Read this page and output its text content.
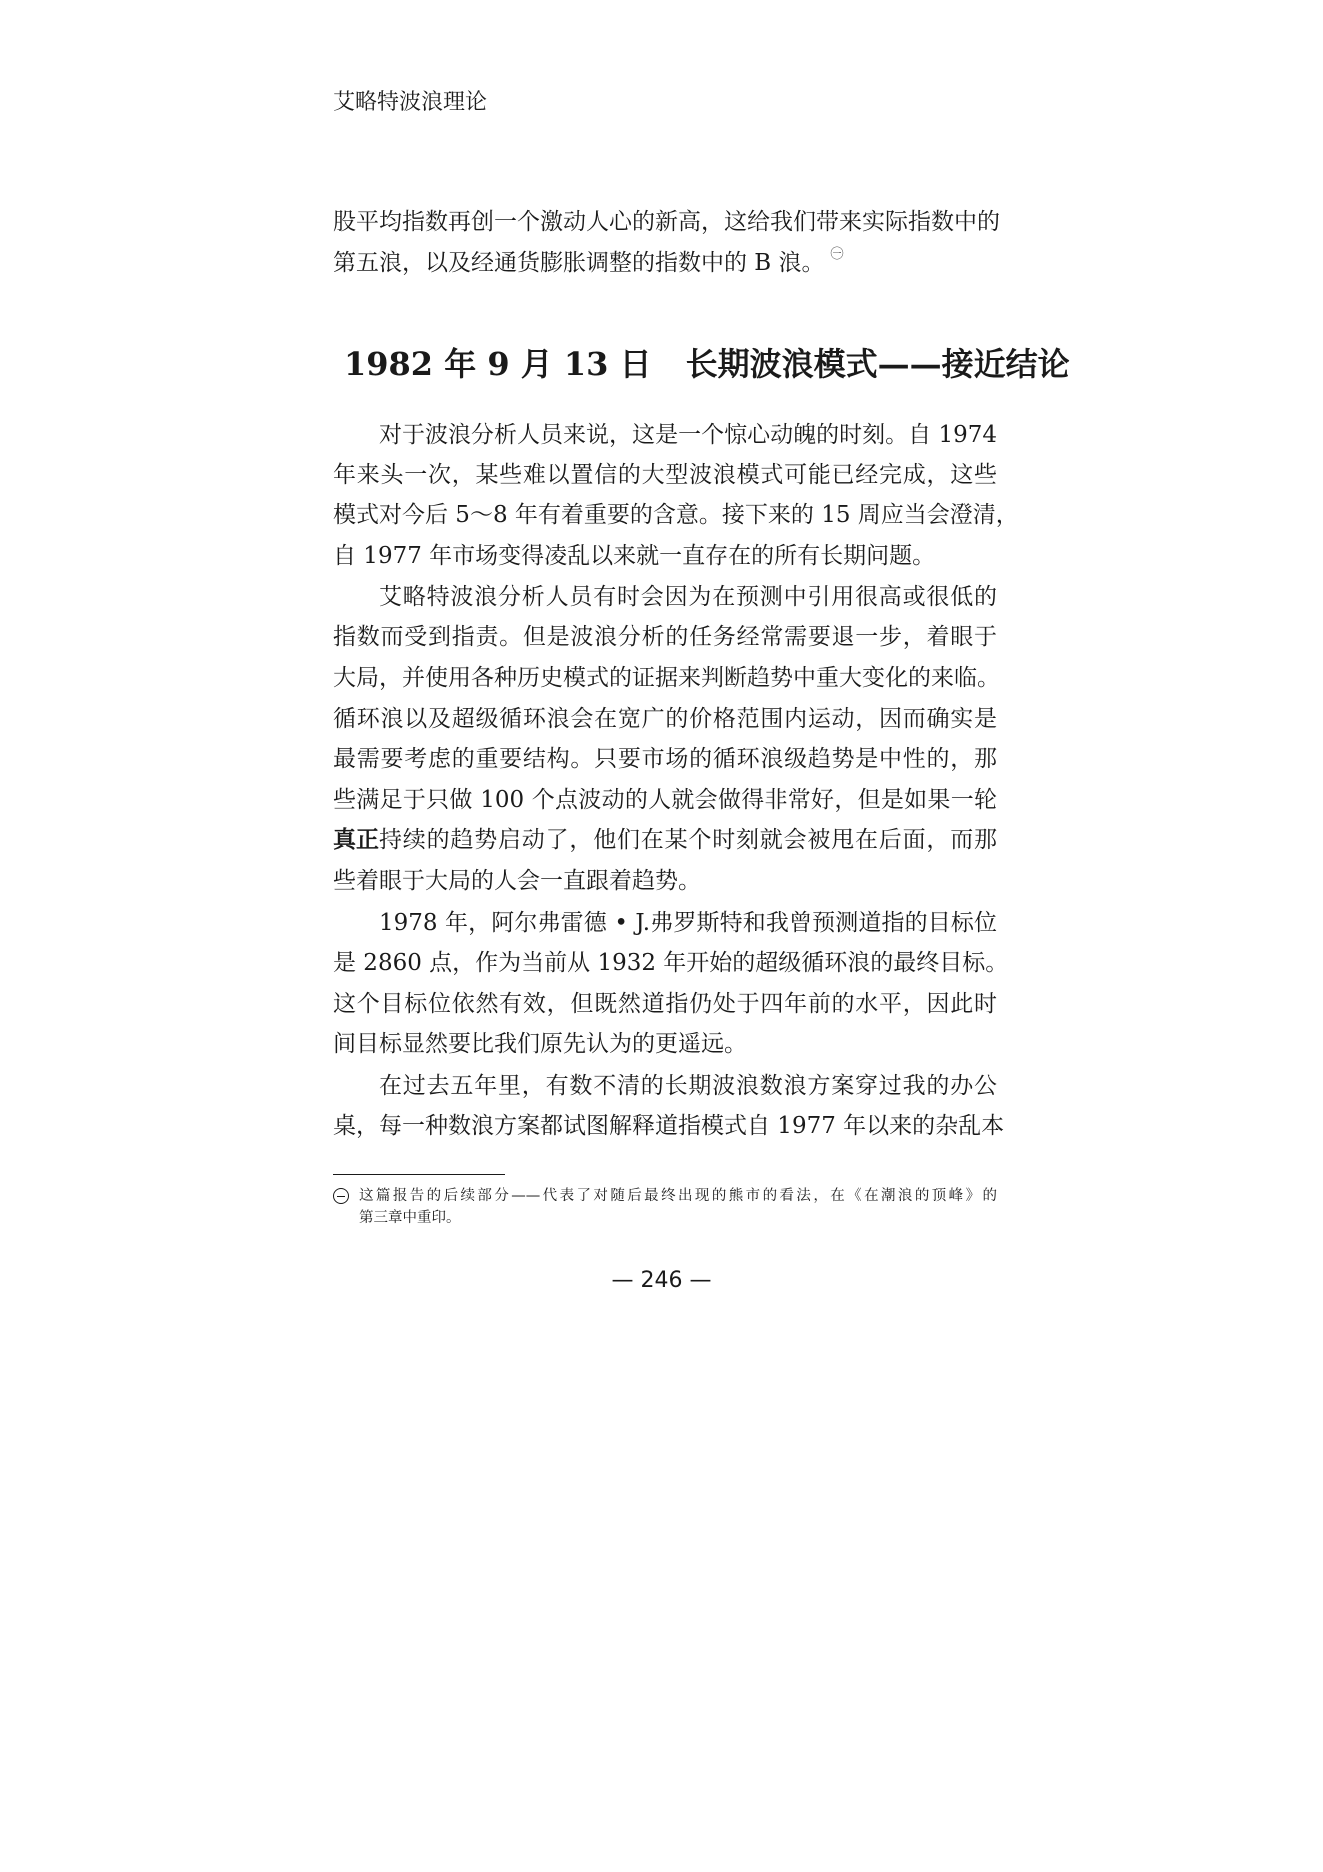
艾略特波浪理论
股平均指数再创一个激动人心的新高，这给我们带来实际指数中的
第五浪，以及经通货膨胀调整的指数中的 B 浪。 ㊀
1982 年 9 月 13 日 长期波浪模式——接近结论
对于波浪分析人员来说，这是一个惊心动魄的时刻。自 1974
年来头一次，某些难以置信的大型波浪模式可能已经完成，这些
模式对今后 5～8 年有着重要的含意。接下来的 15 周应当会澄清，
自 1977 年市场变得凌乱以来就一直存在的所有长期问题。
艾略特波浪分析人员有时会因为在预测中引用很高或很低的
指数而受到指责。但是波浪分析的任务经常需要退一步，着眼于
大局，并使用各种历史模式的证据来判断趋势中重大变化的来临。
循环浪以及超级循环浪会在宽广的价格范围内运动，因而确实是
最需要考虑的重要结构。只要市场的循环浪级趋势是中性的，那
些满足于只做 100 个点波动的人就会做得非常好，但是如果一轮
真正 持续的趋势启动了，他们在某个时刻就会被甩在后面，而那
些着眼于大局的人会一直跟着趋势。
1978 年，阿尔弗雷德 • J.弗罗斯特和我曾预测道指的目标位
是 2860 点，作为当前从 1932 年开始的超级循环浪的最终目标。
这个目标位依然有效，但既然道指仍处于四年前的水平，因此时
间目标显然要比我们原先认为的更遥远。
在过去五年里，有数不清的长期波浪数浪方案穿过我的办公
桌，每一种数浪方案都试图解释道指模式自 1977 年以来的杂乱本
这篇报告的后续部分——代表了对随后最终出现的熊市的看法，在《在潮浪的顶峰》的
第三章中重印。
— 246 —
